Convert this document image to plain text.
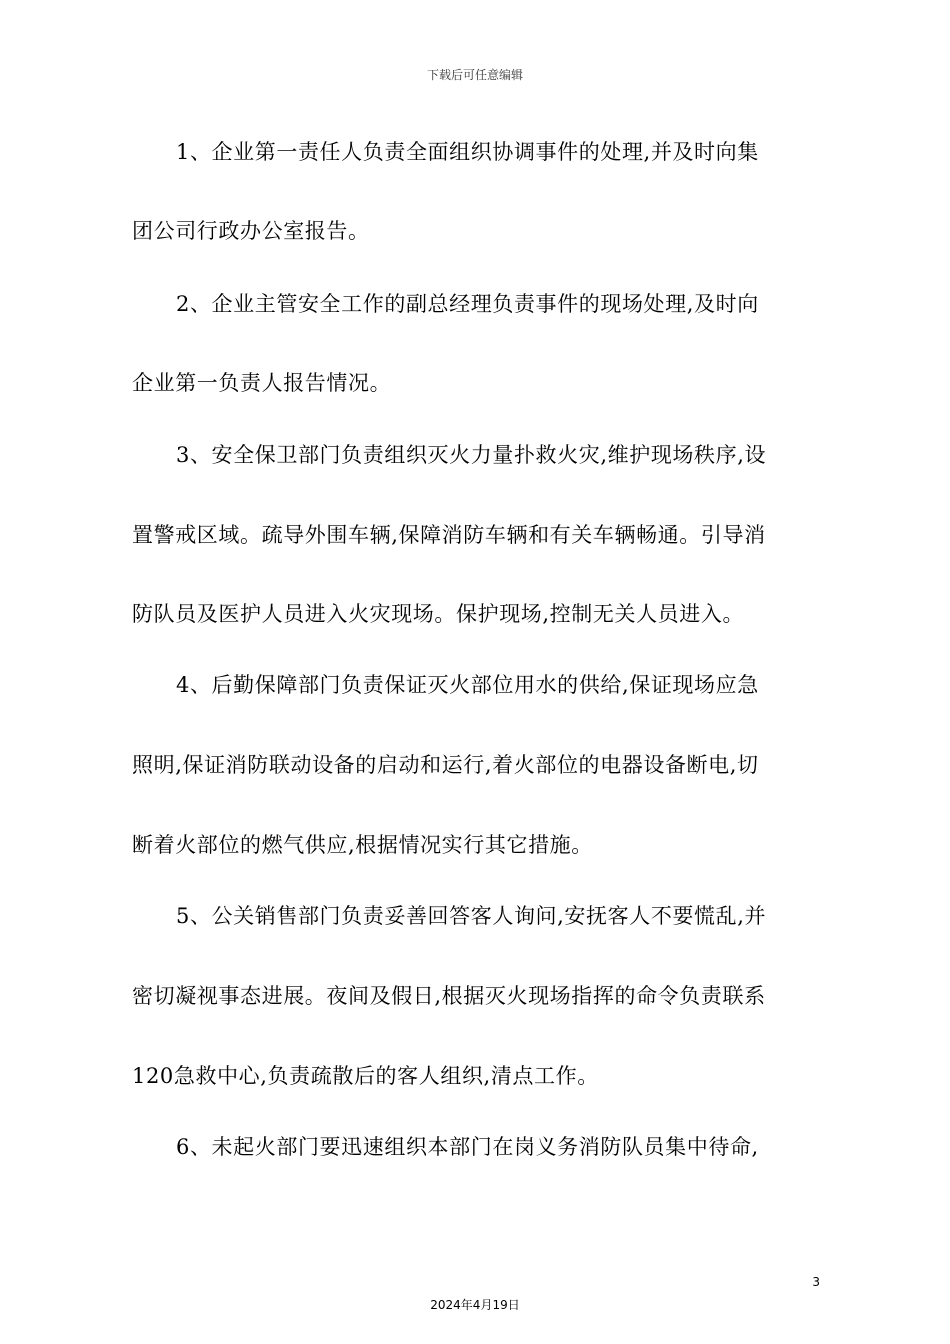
下载后可任意编辑
1、企业第一责任人负责全面组织协调事件的处理,并及时向集
团公司行政办公室报告。
2、企业主管安全工作的副总经理负责事件的现场处理,及时向
企业第一负责人报告情况。
3、安全保卫部门负责组织灭火力量扑救火灾,维护现场秩序,设
置警戒区域。疏导外围车辆,保障消防车辆和有关车辆畅通。引导消
防队员及医护人员进入火灾现场。保护现场,控制无关人员进入。
4、后勤保障部门负责保证灭火部位用水的供给,保证现场应急
照明,保证消防联动设备的启动和运行,着火部位的电器设备断电,切
断着火部位的燃气供应,根据情况实行其它措施。
5、公关销售部门负责妥善回答客人询问,安抚客人不要慌乱,并
密切凝视事态进展。夜间及假日,根据灭火现场指挥的命令负责联系
120急救中心,负责疏散后的客人组织,清点工作。
6、未起火部门要迅速组织本部门在岗义务消防队员集中待命,
3
2024年4月19日
